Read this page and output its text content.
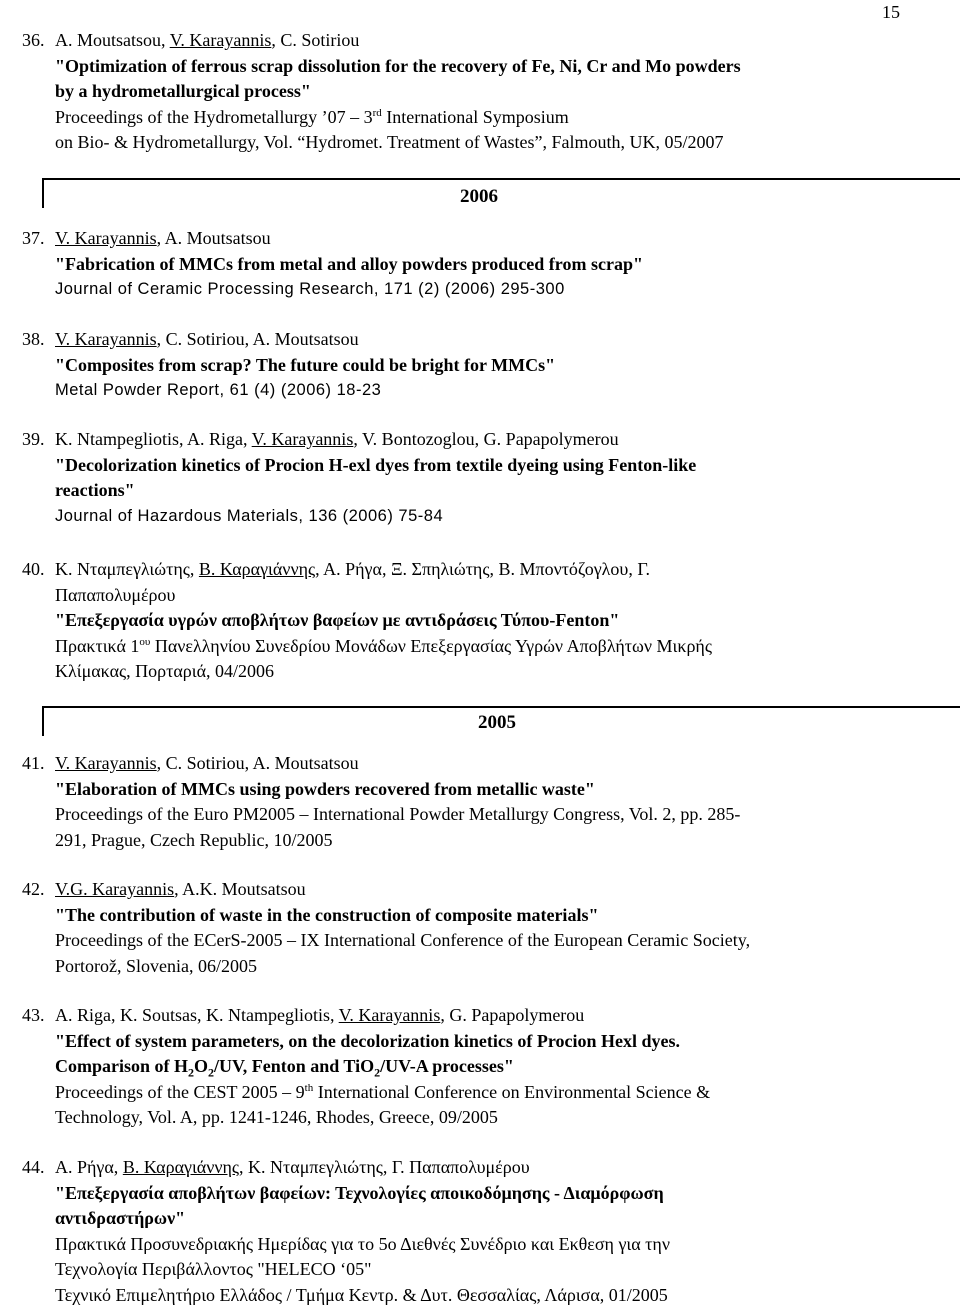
15
36. A. Moutsatsou, V. Karayannis, C. Sotiriou
"Optimization of ferrous scrap dissolution for the recovery of Fe, Ni, Cr and Mo powders
by a hydrometallurgical process"
Proceedings of the Hydrometallurgy ’07 – 3rd International Symposium
on Bio- & Hydrometallurgy, Vol. “Hydromet. Treatment of Wastes”, Falmouth, UK, 05/2007
2006
37. V. Karayannis, A. Moutsatsou
"Fabrication of MMCs from metal and alloy powders produced from scrap"
Journal of Ceramic Processing Research, 171 (2) (2006) 295-300
38. V. Karayannis, C. Sotiriou, A. Moutsatsou
"Composites from scrap? The future could be bright for MMCs"
Metal Powder Report, 61 (4) (2006) 18-23
39. K. Ntampegliotis, A. Riga, V. Karayannis, V. Bontozoglou, G. Papapolymerou
"Decolorization kinetics of Procion H-exl dyes from textile dyeing using Fenton-like
reactions"
Journal of Hazardous Materials, 136 (2006) 75-84
40. Κ. Νταμπεγλιώτης, Β. Καραγιάννης, Α. Ρήγα, Ξ. Σπηλιώτης, Β. Μποντόζογλου, Γ.
Παπαπολυμέρου
"Επεξεργασία υγρών αποβλήτων βαφείων με αντιδράσεις Τύπου-Fenton"
Πρακτικά $1^{o\upsilon}$ Πανελληνίου Συνεδρίου Μονάδων Επεξεργασίας Υγρών Αποβλήτων Μικρής
Κλίμακας, Πορταριά, 04/2006
2005
41. V. Karayannis, C. Sotiriou, A. Moutsatsou
"Elaboration of MMCs using powders recovered from metallic waste"
Proceedings of the Euro PM2005 – International Powder Metallurgy Congress, Vol. 2, pp. 285-
291, Prague, Czech Republic, 10/2005
42. V.G. Karayannis, A.K. Moutsatsou
"The contribution of waste in the construction of composite materials"
Proceedings of the ECerS-2005 – IX International Conference of the European Ceramic Society,
Portorož, Slovenia, 06/2005
43. A. Riga, K. Soutsas, K. Ntampegliotis, V. Karayannis, G. Papapolymerou
"Effect of system parameters, on the decolorization kinetics of Procion Hexl dyes.
Comparison of $H_2O_2/UV$, Fenton and TiO$_2$/UV-A processes"
Proceedings of the CEST 2005 – 9th International Conference on Environmental Science &
Technology, Vol. A, pp. 1241-1246, Rhodes, Greece, 09/2005
44. Α. Ρήγα, Β. Καραγιάννης, Κ. Νταμπεγλιώτης, Γ. Παπαπολυμέρου
"Επεξεργασία αποβλήτων βαφείων: Τεχνολογίες αποικοδόμησης - Διαμόρφωση
αντιδραστήρων"
Πρακτικά Προσυνεδριακής Ημερίδας για το 5ο Διεθνές Συνέδριο και Εκθεση για την
Τεχνολογία Περιβάλλοντος "HELECO ‘05"
Τεχνικό Επιμελητήριο Ελλάδος / Τμήμα Κεντρ. & Δυτ. Θεσσαλίας, Λάρισα, 01/2005
